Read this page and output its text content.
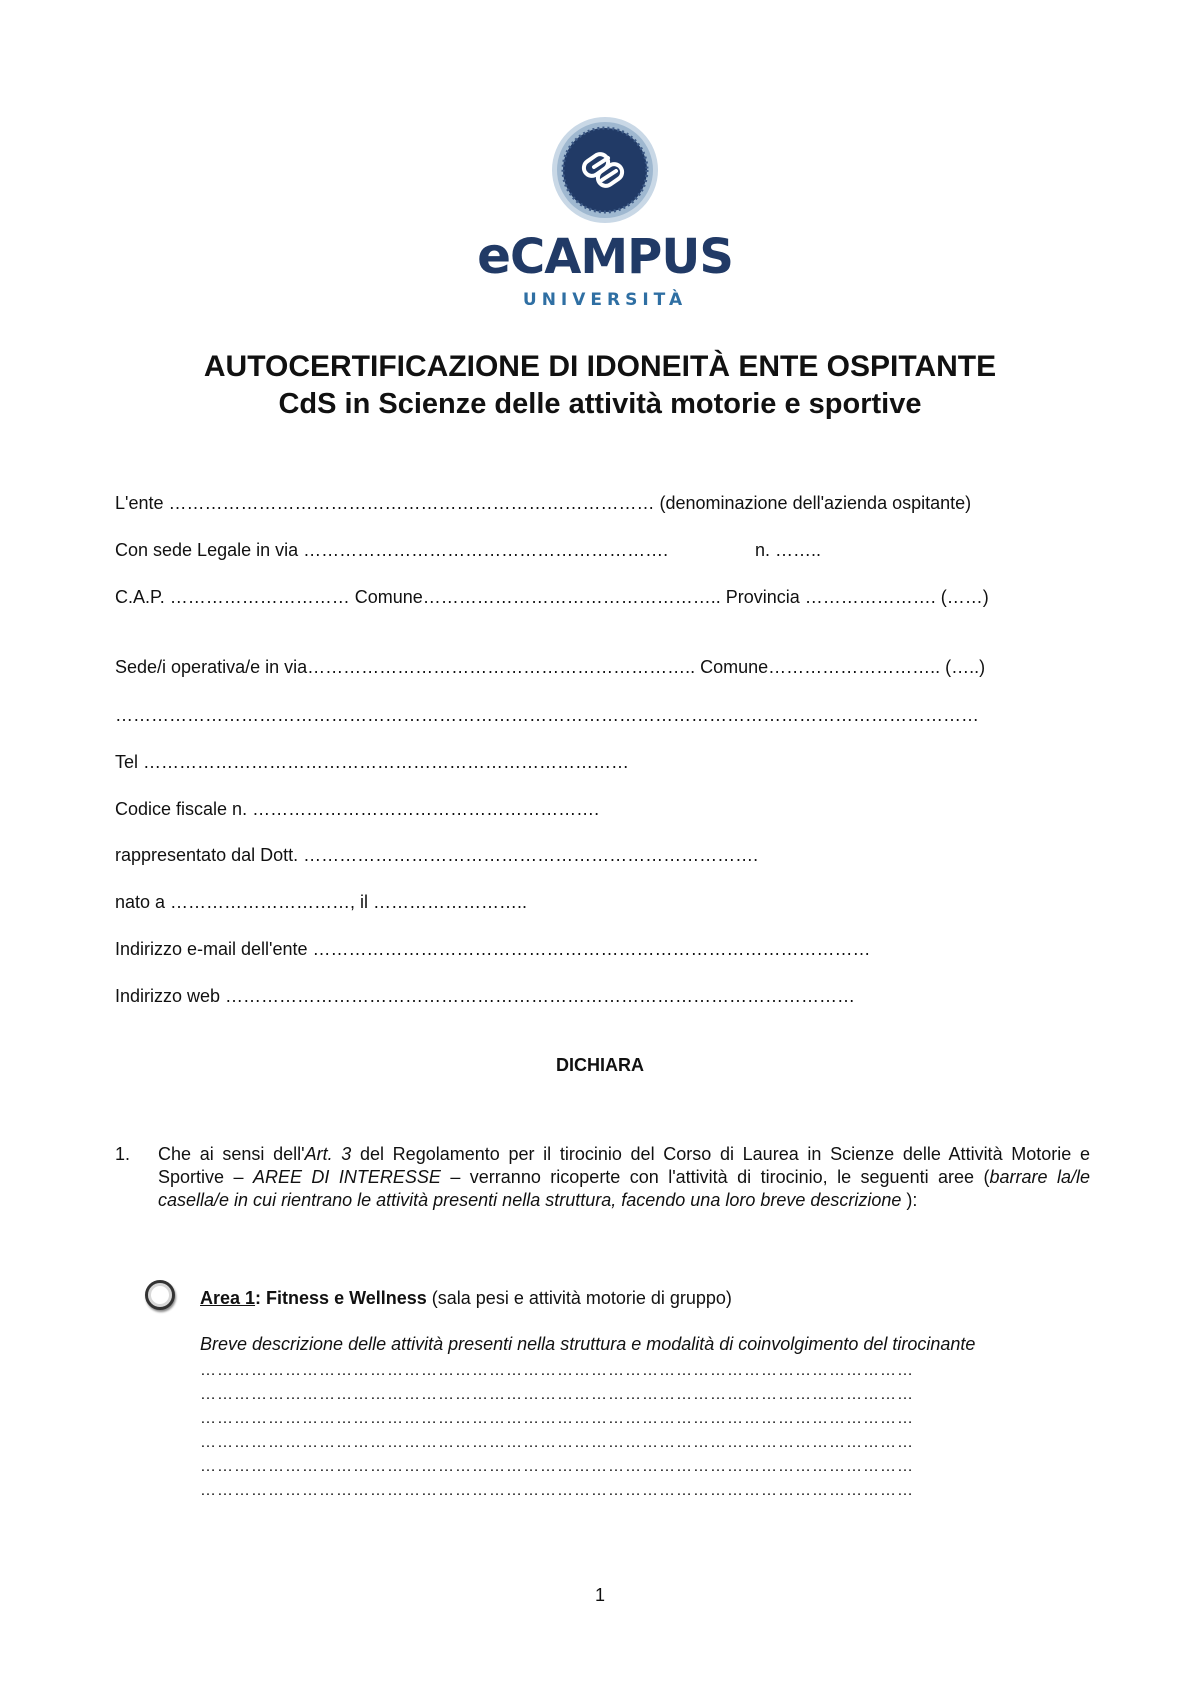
eCAMPUS
UNIVERSITÀ
AUTOCERTIFICAZIONE DI IDONEITÀ ENTE OSPITANTE
CdS in Scienze delle attività motorie e sportive
L'ente ……………………………………………………………………… (denominazione dell'azienda ospitante)
Con sede Legale in via …………………………………………………….	n. ……..
C.A.P. ………………………… Comune………………………………………….. Provincia …………………. (……)
Sede/i operativa/e in via……………………………………………………….. Comune……………………….. (…..)
………………………………………………………………………………………………………………………………
Tel ………………………………………………………………………
Codice fiscale n. ………………………………………………….
rappresentato dal Dott. ………………………………………………………………….
nato a …………………………, il ……………………..
Indirizzo e-mail dell'ente …………………………………………………………………………………
Indirizzo web ……………………………………………………………………………………………
DICHIARA
1. Che ai sensi dell'Art. 3 del Regolamento per il tirocinio del Corso di Laurea in Scienze delle Attività Motorie e Sportive – AREE DI INTERESSE – verranno ricoperte con l'attività di tirocinio, le seguenti aree (barrare la/le casella/e in cui rientrano le attività presenti nella struttura, facendo una loro breve descrizione ):
Area 1: Fitness e Wellness (sala pesi e attività motorie di gruppo)
Breve descrizione delle attività presenti nella struttura e modalità di coinvolgimento del tirocinante
………………………………………………………………………………………………………………
………………………………………………………………………………………………………………
………………………………………………………………………………………………………………
………………………………………………………………………………………………………………
………………………………………………………………………………………………………………
………………………………………………………………………………………………………………
1
